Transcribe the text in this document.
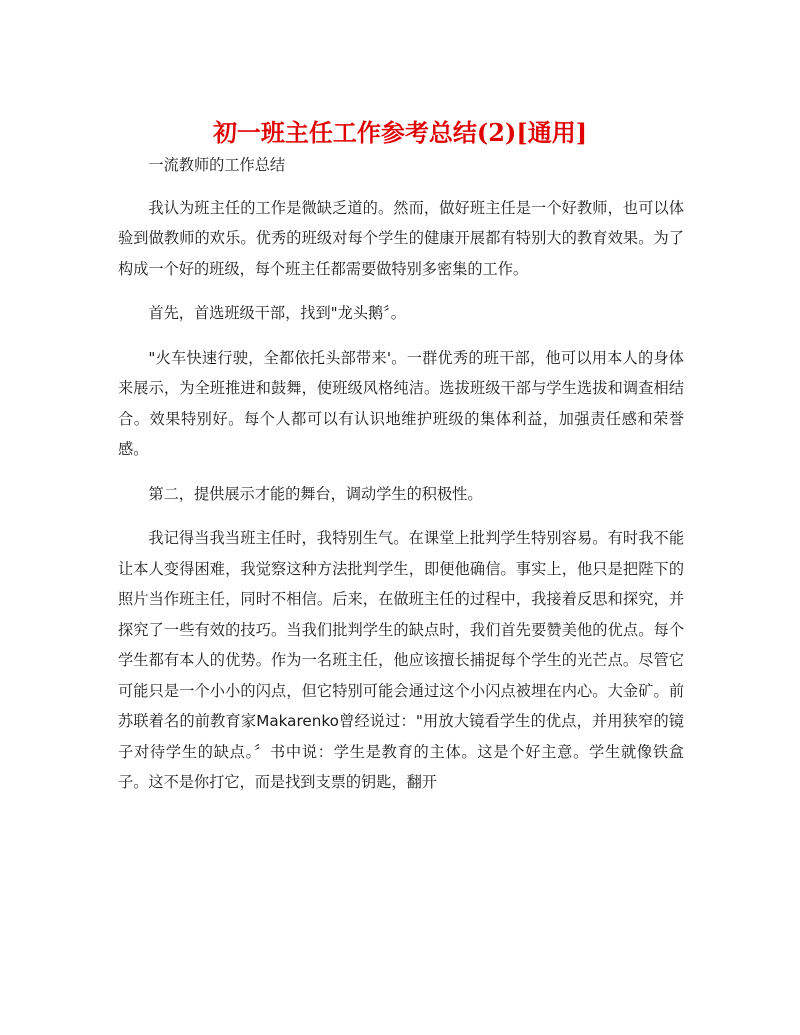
初一班主任工作参考总结(2)[通用]

一流教师的工作总结

我认为班主任的工作是微缺乏道的。然而，做好班主任是一个好教师，也可以体验到做教师的欢乐。优秀的班级对每个学生的健康开展都有特别大的教育效果。为了构成一个好的班级，每个班主任都需要做特别多密集的工作。

首先，首选班级干部，找到"龙头鹅〞。

"火车快速行驶，全都依托头部带来'。一群优秀的班干部，他可以用本人的身体来展示，为全班推进和鼓舞，使班级风格纯洁。选拔班级干部与学生选拔和调查相结合。效果特别好。每个人都可以有认识地维护班级的集体利益，加强责任感和荣誉感。

第二，提供展示才能的舞台，调动学生的积极性。

我记得当我当班主任时，我特别生气。在课堂上批判学生特别容易。有时我不能让本人变得困难，我觉察这种方法批判学生，即便他确信。事实上，他只是把陛下的照片当作班主任，同时不相信。后来，在做班主任的过程中，我接着反思和探究，并探究了一些有效的技巧。当我们批判学生的缺点时，我们首先要赞美他的优点。每个学生都有本人的优势。作为一名班主任，他应该擅长捕捉每个学生的光芒点。尽管它可能只是一个小小的闪点，但它特别可能会通过这个小闪点被埋在内心。大金矿。前苏联着名的前教育家Makarenko曾经说过："用放大镜看学生的优点，并用狭窄的镜子对待学生的缺点。〞书中说：学生是教育的主体。这是个好主意。学生就像铁盒子。这不是你打它，而是找到支票的钥匙，翻开
